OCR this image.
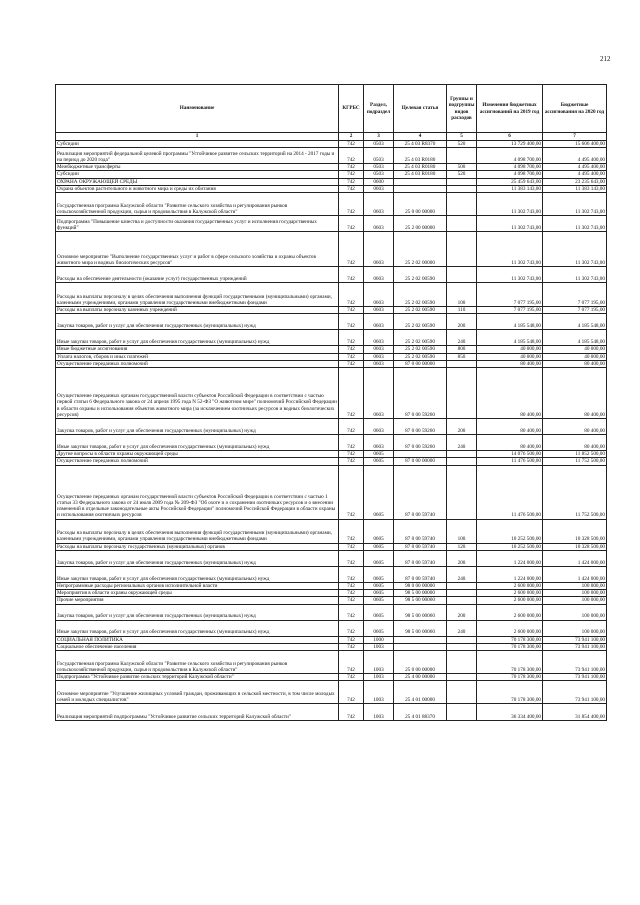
212
Наименование	КГРБС	Раздел, подраздел	Целевая статья	Группы и подгруппы видов расходов	Изменения бюджетных ассигнований на 2019 год	Бюджетные ассигнования на 2020 год
1	2	3	4	5	6	7
Субсидии	742	0503	25 4 03 R8370	520	13 729 400,00	15 606 400,00
Реализация мероприятий федеральной целевой программы "Устойчивое развитие сельских территорий на 2014 - 2017 годы и на период до 2020 года"	742	0503	25 4 03 R0180		4 098 700,00	4 495 400,00
Межбюджетные трансферты	742	0503	25 4 03 R0180	500	4 098 700,00	4 495 400,00
Субсидии	742	0503	25 4 03 R0180	520	4 098 700,00	4 495 400,00
ОХРАНА ОКРУЖАЮЩЕЙ СРЕДЫ	742	0600			25 459 643,00	23 235 643,00
Охрана объектов растительного и животного мира и среды их обитания	742	0603			11 383 143,00	11 383 143,00
Государственная программа Калужской области "Развитие сельского хозяйства и регулирования рынков сельскохозяйственной продукции, сырья и продовольствия в Калужской области"	742	0603	25 0 00 00000		11 302 743,00	11 302 743,00
Подпрограмма "Повышение качества и доступности оказания государственных услуг и исполнения государственных функций"	742	0603	25 2 00 00000		11 302 743,00	11 302 743,00
Основное мероприятие "Выполнение государственных услуг и работ в сфере сельского хозяйства и охраны объектов животного мира и водных биологических ресурсов"	742	0603	25 2 02 00000		11 302 743,00	11 302 743,00
Расходы на обеспечение деятельности (оказание услуг) государственных учреждений	742	0603	25 2 02 00590		11 302 743,00	11 302 743,00
Расходы на выплаты персоналу в целях обеспечения выполнения функций государственными (муниципальными) органами, казенными учреждениями, органами управления государственными внебюджетными фондами	742	0603	25 2 02 00590	100	7 077 195,00	7 077 195,00
Расходы на выплаты персоналу казенных учреждений	742	0603	25 2 02 00590	110	7 077 195,00	7 077 195,00
Закупка товаров, работ и услуг для обеспечения государственных (муниципальных) нужд	742	0603	25 2 02 00590	200	4 185 548,00	4 185 548,00
Иные закупки товаров, работ и услуг для обеспечения государственных (муниципальных) нужд	742	0603	25 2 02 00590	240	4 185 548,00	4 185 548,00
Иные бюджетные ассигнования	742	0603	25 2 02 00590	800	40 000,00	40 000,00
Уплата налогов, сборов и иных платежей	742	0603	25 2 02 00590	850	40 000,00	40 000,00
Осуществление переданных полномочий	742	0603	87 0 00 00000		80 400,00	80 400,00
Осуществление переданных органам государственной власти субъектов Российской Федерации в соответствии с частью первой статьи 6 Федерального закона от 24 апреля 1995 года N 52-ФЗ "О животном мире" полномочий Российской Федерации в области охраны и использования объектов животного мира (за исключением охотничьих ресурсов и водных биологических ресурсов)	742	0603	87 0 00 59260		80 400,00	80 400,00
Закупка товаров, работ и услуг для обеспечения государственных (муниципальных) нужд	742	0603	87 0 00 59260	200	80 400,00	80 400,00
Иные закупки товаров, работ и услуг для обеспечения государственных (муниципальных) нужд	742	0603	87 0 00 59260	240	80 400,00	80 400,00
Другие вопросы в области охраны окружающей среды	742	0605			14 076 500,00	11 852 500,00
Осуществление переданных полномочий	742	0605	87 0 00 00000		11 476 500,00	11 752 500,00
Осуществление переданных органам государственной власти субъектов Российской Федерации в соответствии с частью 1 статьи 33 Федерального закона от 24 июля 2009 года № 209-ФЗ "Об охоте и о сохранении охотничьих ресурсов и о внесении изменений в отдельные законодательные акты Российской Федерации" полномочий Российской Федерации в области охраны и использования охотничьих ресурсов	742	0605	87 0 00 59740		11 476 500,00	11 752 500,00
Расходы на выплаты персоналу в целях обеспечения выполнения функций государственными (муниципальными) органами, казенными учреждениями, органами управления государственными внебюджетными фондами	742	0605	87 0 00 59740	100	10 252 500,00	10 328 500,00
Расходы на выплаты персоналу государственных (муниципальных) органов	742	0605	87 0 00 59740	120	10 252 500,00	10 328 500,00
Закупка товаров, работ и услуг для обеспечения государственных (муниципальных) нужд	742	0605	87 0 00 59740	200	1 224 000,00	1 424 000,00
Иные закупки товаров, работ и услуг для обеспечения государственных (муниципальных) нужд	742	0605	87 0 00 59740	240	1 224 000,00	1 424 000,00
Непрограммные расходы региональных органов исполнительной власти	742	0605	98 0 00 00000		2 600 000,00	100 000,00
Мероприятия в области охраны окружающей среды	742	0605	98 5 00 00000		2 600 000,00	100 000,00
Прочие мероприятия	742	0605	98 5 00 00060		2 600 000,00	100 000,00
Закупка товаров, работ и услуг для обеспечения государственных (муниципальных) нужд	742	0605	98 5 00 00060	200	2 600 000,00	100 000,00
Иные закупки товаров, работ и услуг для обеспечения государственных (муниципальных) нужд	742	0605	98 5 00 00060	240	2 600 000,00	100 000,00
СОЦИАЛЬНАЯ ПОЛИТИКА	742	1000			70 178 300,00	73 941 100,00
Социальное обеспечение населения	742	1003			70 178 300,00	73 941 100,00
Государственная программа Калужской области "Развитие сельского хозяйства и регулирования рынков сельскохозяйственной продукции, сырья и продовольствия в Калужской области"	742	1003	25 0 00 00000		70 178 300,00	73 941 100,00
Подпрограмма "Устойчивое развитие сельских территорий Калужской области"	742	1003	25 4 00 00000		70 178 300,00	73 941 100,00
Основное мероприятие "Улучшение жилищных условий граждан, проживающих в сельской местности, в том числе молодых семей и молодых специалистов"	742	1003	25 4 01 00000		70 178 300,00	73 941 100,00
Реализация мероприятий подпрограммы "Устойчивое развитие сельских территорий Калужской области"	742	1003	25 4 01 88370		36 334 400,00	31 854 400,00
